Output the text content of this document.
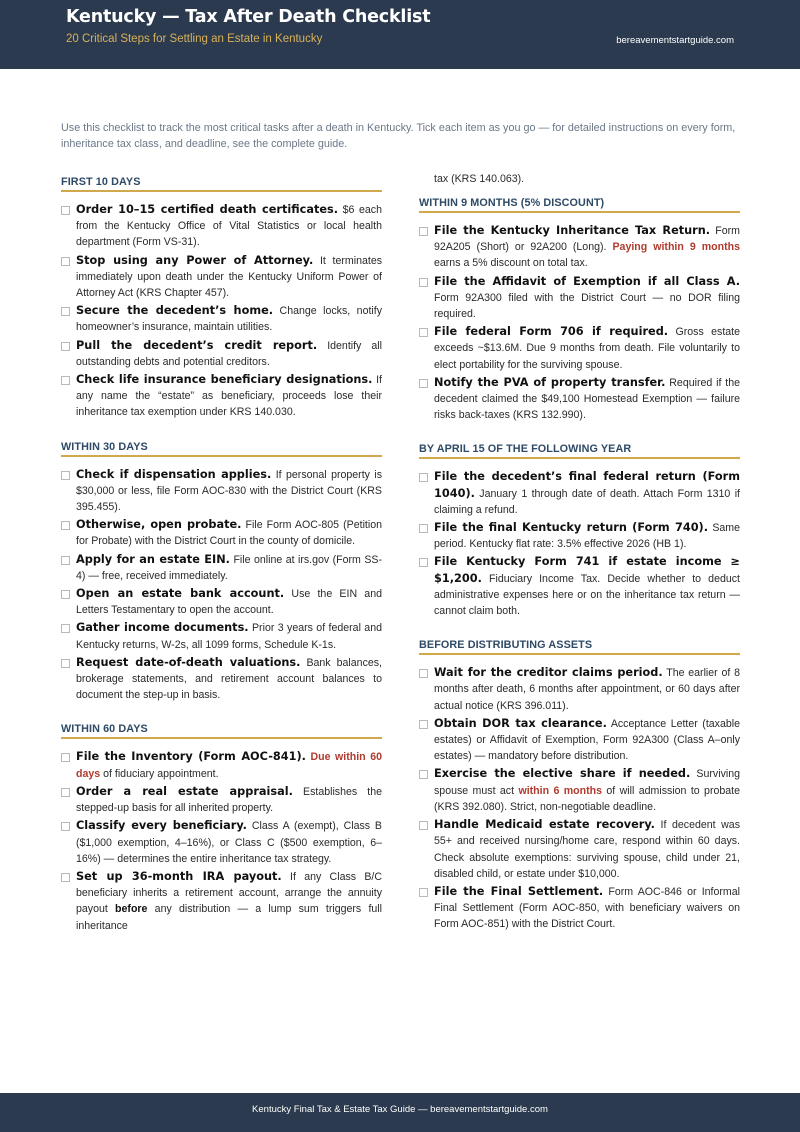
Kentucky — Tax After Death Checklist
20 Critical Steps for Settling an Estate in Kentucky	bereavementstartguide.com
Use this checklist to track the most critical tasks after a death in Kentucky. Tick each item as you go — for detailed instructions on every form, inheritance tax class, and deadline, see the complete guide.
FIRST 10 DAYS
Order 10–15 certified death certificates. $6 each from the Kentucky Office of Vital Statistics or local health department (Form VS-31).
Stop using any Power of Attorney. It terminates immediately upon death under the Kentucky Uniform Power of Attorney Act (KRS Chapter 457).
Secure the decedent’s home. Change locks, notify homeowner’s insurance, maintain utilities.
Pull the decedent’s credit report. Identify all outstanding debts and potential creditors.
Check life insurance beneficiary designations. If any name the “estate” as beneficiary, proceeds lose their inheritance tax exemption under KRS 140.030.
WITHIN 30 DAYS
Check if dispensation applies. If personal property is $30,000 or less, file Form AOC-830 with the District Court (KRS 395.455).
Otherwise, open probate. File Form AOC-805 (Petition for Probate) with the District Court in the county of domicile.
Apply for an estate EIN. File online at irs.gov (Form SS-4) — free, received immediately.
Open an estate bank account. Use the EIN and Letters Testamentary to open the account.
Gather income documents. Prior 3 years of federal and Kentucky returns, W-2s, all 1099 forms, Schedule K-1s.
Request date-of-death valuations. Bank balances, brokerage statements, and retirement account balances to document the step-up in basis.
WITHIN 60 DAYS
File the Inventory (Form AOC-841). Due within 60 days of fiduciary appointment.
Order a real estate appraisal. Establishes the stepped-up basis for all inherited property.
Classify every beneficiary. Class A (exempt), Class B ($1,000 exemption, 4–16%), or Class C ($500 exemption, 6–16%) — determines the entire inheritance tax strategy.
Set up 36-month IRA payout. If any Class B/C beneficiary inherits a retirement account, arrange the annuity payout before any distribution — a lump sum triggers full inheritance
tax (KRS 140.063).
WITHIN 9 MONTHS (5% DISCOUNT)
File the Kentucky Inheritance Tax Return. Form 92A205 (Short) or 92A200 (Long). Paying within 9 months earns a 5% discount on total tax.
File the Affidavit of Exemption if all Class A. Form 92A300 filed with the District Court — no DOR filing required.
File federal Form 706 if required. Gross estate exceeds ~$13.6M. Due 9 months from death. File voluntarily to elect portability for the surviving spouse.
Notify the PVA of property transfer. Required if the decedent claimed the $49,100 Homestead Exemption — failure risks back-taxes (KRS 132.990).
BY APRIL 15 OF THE FOLLOWING YEAR
File the decedent’s final federal return (Form 1040). January 1 through date of death. Attach Form 1310 if claiming a refund.
File the final Kentucky return (Form 740). Same period. Kentucky flat rate: 3.5% effective 2026 (HB 1).
File Kentucky Form 741 if estate income ≥ $1,200. Fiduciary Income Tax. Decide whether to deduct administrative expenses here or on the inheritance tax return — cannot claim both.
BEFORE DISTRIBUTING ASSETS
Wait for the creditor claims period. The earlier of 8 months after death, 6 months after appointment, or 60 days after actual notice (KRS 396.011).
Obtain DOR tax clearance. Acceptance Letter (taxable estates) or Affidavit of Exemption, Form 92A300 (Class A–only estates) — mandatory before distribution.
Exercise the elective share if needed. Surviving spouse must act within 6 months of will admission to probate (KRS 392.080). Strict, non-negotiable deadline.
Handle Medicaid estate recovery. If decedent was 55+ and received nursing/home care, respond within 60 days. Check absolute exemptions: surviving spouse, child under 21, disabled child, or estate under $10,000.
File the Final Settlement. Form AOC-846 or Informal Final Settlement (Form AOC-850, with beneficiary waivers on Form AOC-851) with the District Court.
Kentucky Final Tax & Estate Tax Guide — bereavementstartguide.com
